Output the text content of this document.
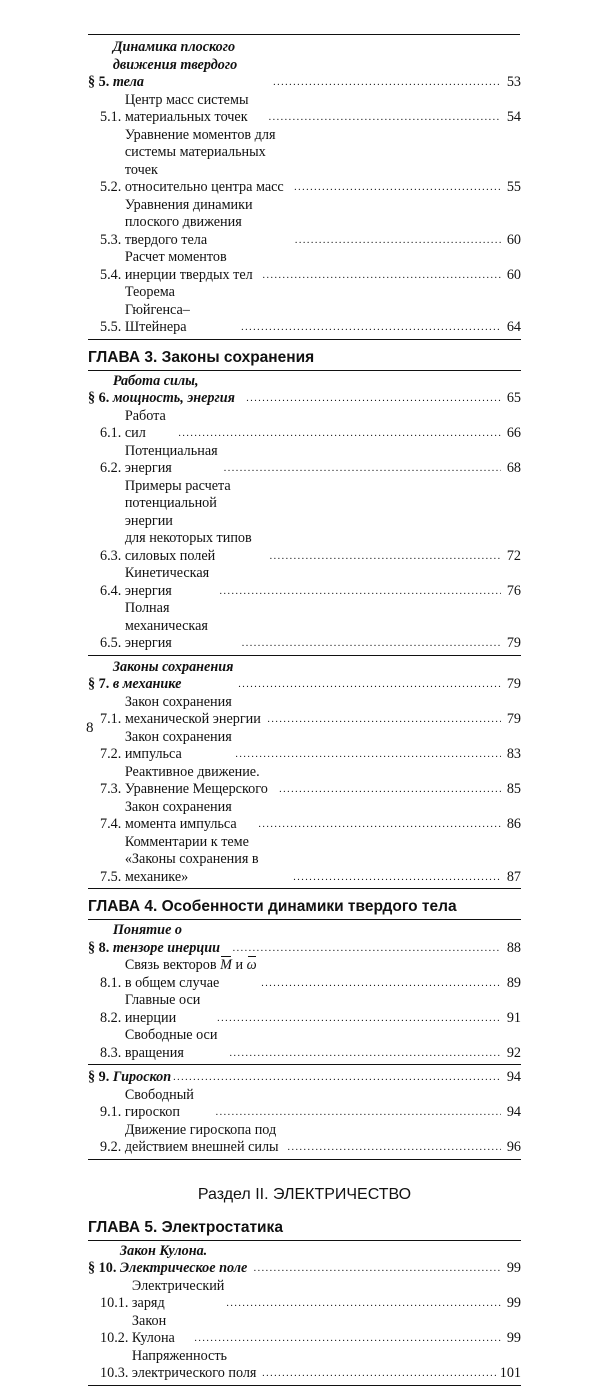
§ 5.
Динамика плоского движения твердого тела . . .	53
5.1.
Центр масс системы материальных точек . . .	54
5.2.
Уравнение моментов для системы материальных точек
относительно центра масс . . .	55
5.3.
Уравнения динамики плоского движения твердого тела . . .	60
5.4.
Расчет моментов инерции твердых тел . . .	60
5.5.
Теорема Гюйгенса–Штейнера . . .	64
ГЛАВА 3. Законы сохранения
§ 6.
Работа силы, мощность, энергия . . .	65
6.1.
Работа сил . . .	66
6.2.
Потенциальная энергия . . .	68
6.3.
Примеры расчета потенциальной энергии
для некоторых типов силовых полей . . .	72
6.4.
Кинетическая энергия . . .	76
6.5.
Полная механическая энергия . . .	79
§ 7.
Законы сохранения в механике . . .	79
7.1.
Закон сохранения механической энергии . . .	79
7.2.
Закон сохранения импульса . . .	83
7.3.
Реактивное движение. Уравнение Мещерского . . .	85
7.4.
Закон сохранения момента импульса . . .	86
7.5.
Комментарии к теме «Законы сохранения в механике» . . .	87
ГЛАВА 4. Особенности динамики твердого тела
§ 8.
Понятие о тензоре инерции . . .	88
8.1.
Связь векторов M и ω в общем случае . . .	89
8.2.
Главные оси инерции . . .	91
8.3.
Свободные оси вращения . . .	92
§ 9. Гироскоп . . .	94
9.1.
Свободный гироскоп . . .	94
9.2.
Движение гироскопа под действием внешней силы . . .	96
Раздел II. ЭЛЕКТРИЧЕСТВО
ГЛАВА 5. Электростатика
§ 10.
Закон Кулона. Электрическое поле . . .	99
10.1.
Электрический заряд . . .	99
10.2.
Закон Кулона . . .	99
10.3.
Напряженность электрического поля . . .	101
8
